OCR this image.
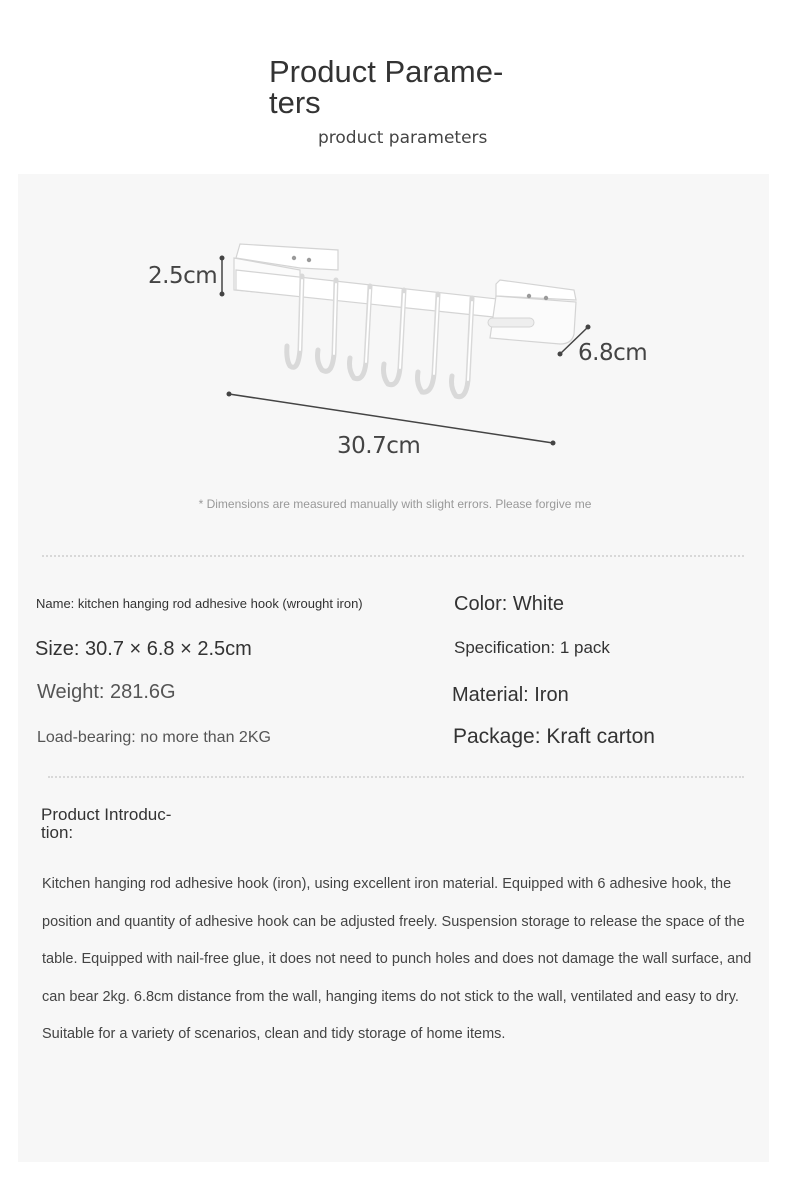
Product Parame-
ters
product parameters
2.5cm
6.8cm
30.7cm
* Dimensions are measured manually with slight errors. Please forgive me
Name: kitchen hanging rod adhesive hook (wrought iron)	Color: White
Size: 30.7 × 6.8 × 2.5cm	Specification: 1 pack
Weight: 281.6G	Material: Iron
Load-bearing: no more than 2KG	Package: Kraft carton
Product Introduc-
tion:

Kitchen hanging rod adhesive hook (iron), using excellent iron material. Equipped with 6 adhesive hook, the position and quantity of adhesive hook can be adjusted freely. Suspension storage to release the space of the table. Equipped with nail-free glue, it does not need to punch holes and does not damage the wall surface, and can bear 2kg. 6.8cm distance from the wall, hanging items do not stick to the wall, ventilated and easy to dry. Suitable for a variety of scenarios, clean and tidy storage of home items.
